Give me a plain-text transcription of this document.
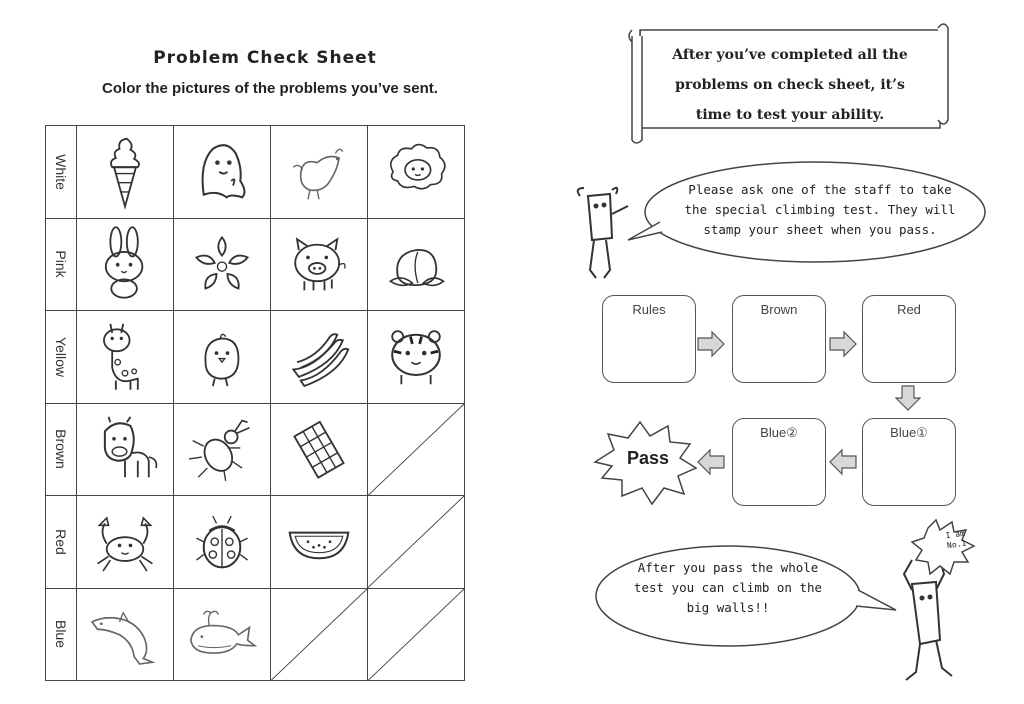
Problem Check Sheet
Color the pictures of the problems you’ve sent.
White

Pink

Yellow

Brown

Red

Blue

After you’ve completed all the
problems on check sheet, it’s
time to test your ability.
Please ask one of the staff to take
the special climbing test. They will
stamp your sheet when you pass.
Rules	Brown	Red
Blue①
Blue②
Pass
After you pass the whole
test you can climb on the
big walls!!
I am
No.1
